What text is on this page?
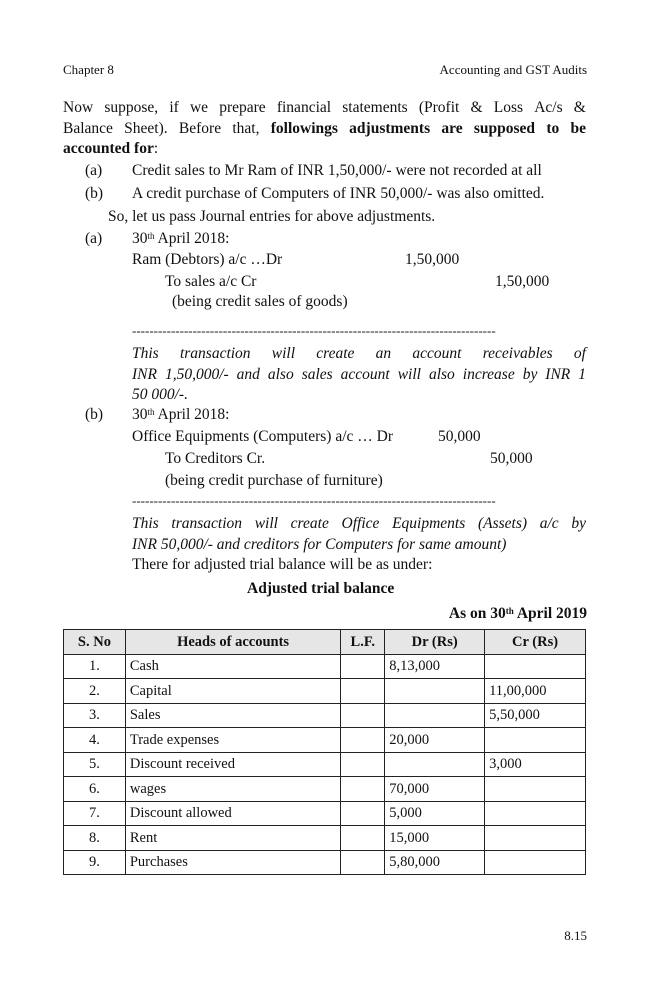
Chapter 8	Accounting and GST Audits
Now suppose, if we prepare financial statements (Profit & Loss Ac/s &
Balance Sheet). Before that, followings adjustments are supposed to be
accounted for:
(a) Credit sales to Mr Ram of INR 1,50,000/- were not recorded at all
(b) A credit purchase of Computers of INR 50,000/- was also omitted.
So, let us pass Journal entries for above adjustments.
(a) 30th April 2018:
Ram (Debtors) a/c …Dr	1,50,000
To sales a/c Cr	1,50,000
(being credit sales of goods)
------------------------------------------------------------------------------------
This transaction will create an account receivables of
INR 1,50,000/- and also sales account will also increase by INR 1
50 000/-.
(b) 30th April 2018:
Office Equipments (Computers) a/c … Dr	50,000
To Creditors Cr.	50,000
(being credit purchase of furniture)
------------------------------------------------------------------------------------
This transaction will create Office Equipments (Assets) a/c by
INR 50,000/- and creditors for Computers for same amount)
There for adjusted trial balance will be as under:
Adjusted trial balance
As on 30th April 2019
S. No	Heads of accounts	L.F.	Dr (Rs)	Cr (Rs)
1.	Cash		8,13,000	
2.	Capital			11,00,000
3.	Sales			5,50,000
4.	Trade expenses		20,000	
5.	Discount received			3,000
6.	wages		70,000	
7.	Discount allowed		5,000	
8.	Rent		15,000	
9.	Purchases		5,80,000	
8.15
